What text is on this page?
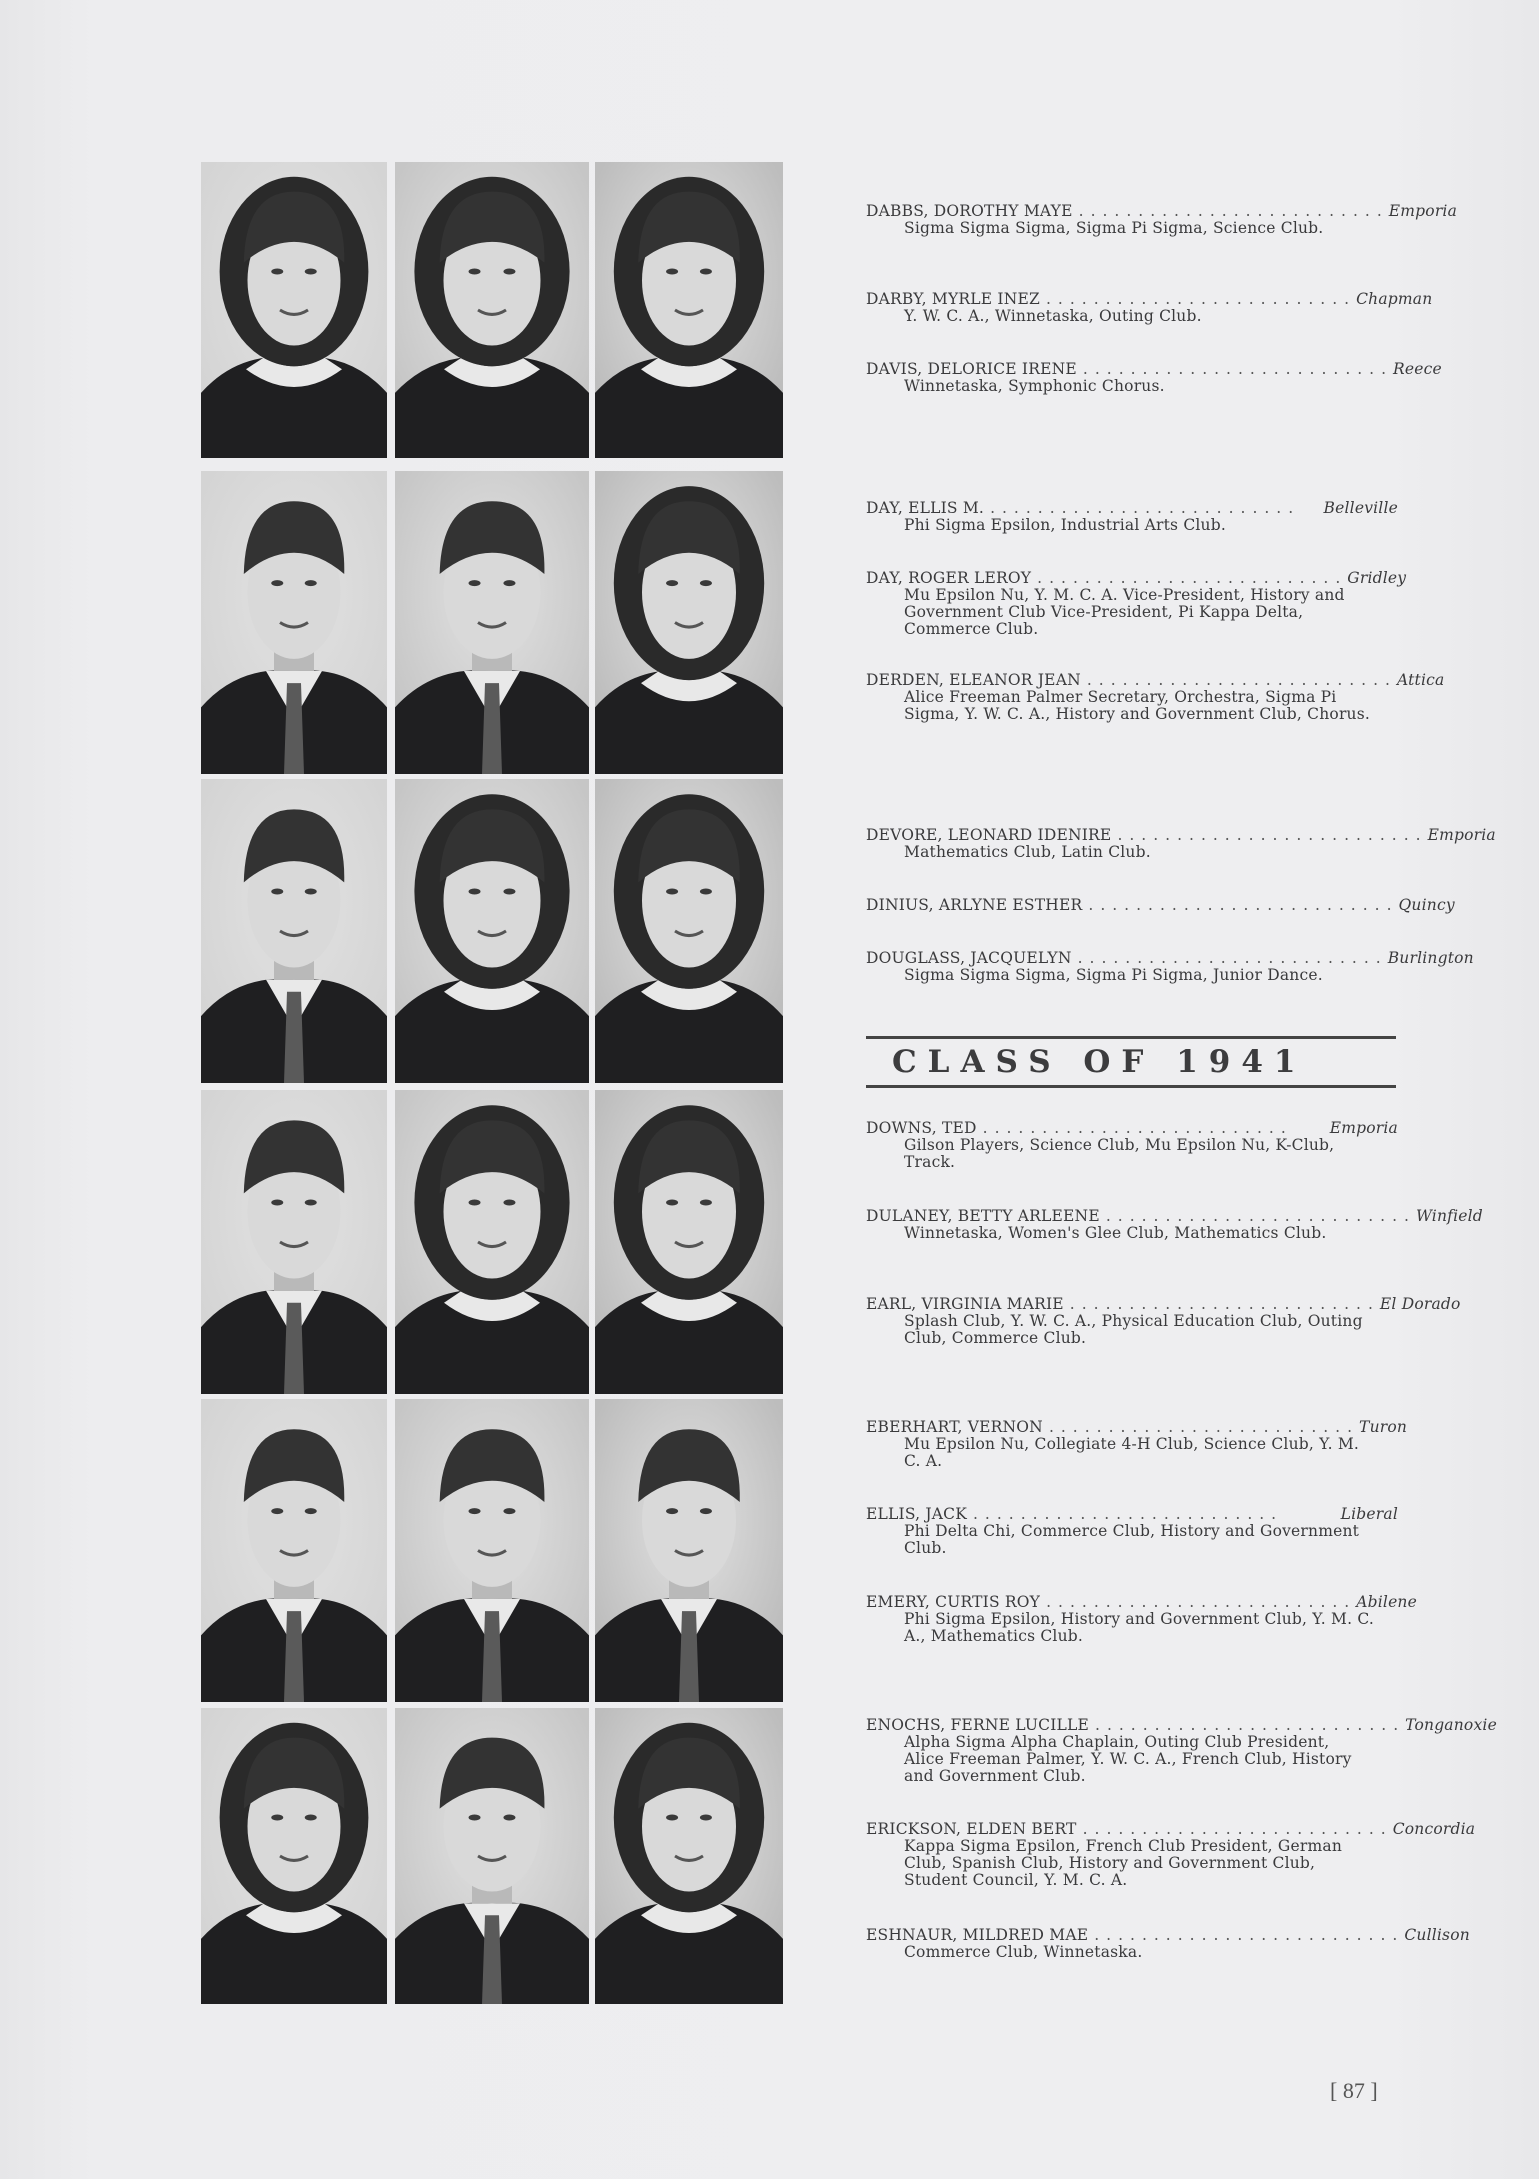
DABBS, DOROTHY MAYE .......................... Emporia
Sigma Sigma Sigma, Sigma Pi Sigma, Science Club.
DARBY, MYRLE INEZ .......................... Chapman
Y. W. C. A., Winnetaska, Outing Club.
DAVIS, DELORICE IRENE .......................... Reece
Winnetaska, Symphonic Chorus.
DAY, ELLIS M. ..........................	Belleville
Phi Sigma Epsilon, Industrial Arts Club.
DAY, ROGER LEROY .......................... Gridley
Mu Epsilon Nu, Y. M. C. A. Vice-President, History and Government Club Vice-President, Pi Kappa Delta, Commerce Club.
DERDEN, ELEANOR JEAN .......................... Attica
Alice Freeman Palmer Secretary, Orchestra, Sigma Pi Sigma, Y. W. C. A., History and Government Club, Chorus.
DEVORE, LEONARD IDENIRE .......................... Emporia
Mathematics Club, Latin Club.
DINIUS, ARLYNE ESTHER .......................... Quincy
DOUGLASS, JACQUELYN .......................... Burlington
Sigma Sigma Sigma, Sigma Pi Sigma, Junior Dance.
DOWNS, TED ..........................	Emporia
Gilson Players, Science Club, Mu Epsilon Nu, K-Club, Track.
DULANEY, BETTY ARLEENE .......................... Winfield
Winnetaska, Women's Glee Club, Mathematics Club.
EARL, VIRGINIA MARIE .......................... El Dorado
Splash Club, Y. W. C. A., Physical Education Club, Outing Club, Commerce Club.
EBERHART, VERNON .......................... Turon
Mu Epsilon Nu, Collegiate 4-H Club, Science Club, Y. M. C. A.
ELLIS, JACK ..........................	Liberal
Phi Delta Chi, Commerce Club, History and Government Club.
EMERY, CURTIS ROY .......................... Abilene
Phi Sigma Epsilon, History and Government Club, Y. M. C. A., Mathematics Club.
ENOCHS, FERNE LUCILLE .......................... Tonganoxie
Alpha Sigma Alpha Chaplain, Outing Club President, Alice Freeman Palmer, Y. W. C. A., French Club, History and Government Club.
ERICKSON, ELDEN BERT .......................... Concordia
Kappa Sigma Epsilon, French Club President, German Club, Spanish Club, History and Government Club, Student Council, Y. M. C. A.
ESHNAUR, MILDRED MAE .......................... Cullison
Commerce Club, Winnetaska.
CLASS OF 1941
[ 87 ]
